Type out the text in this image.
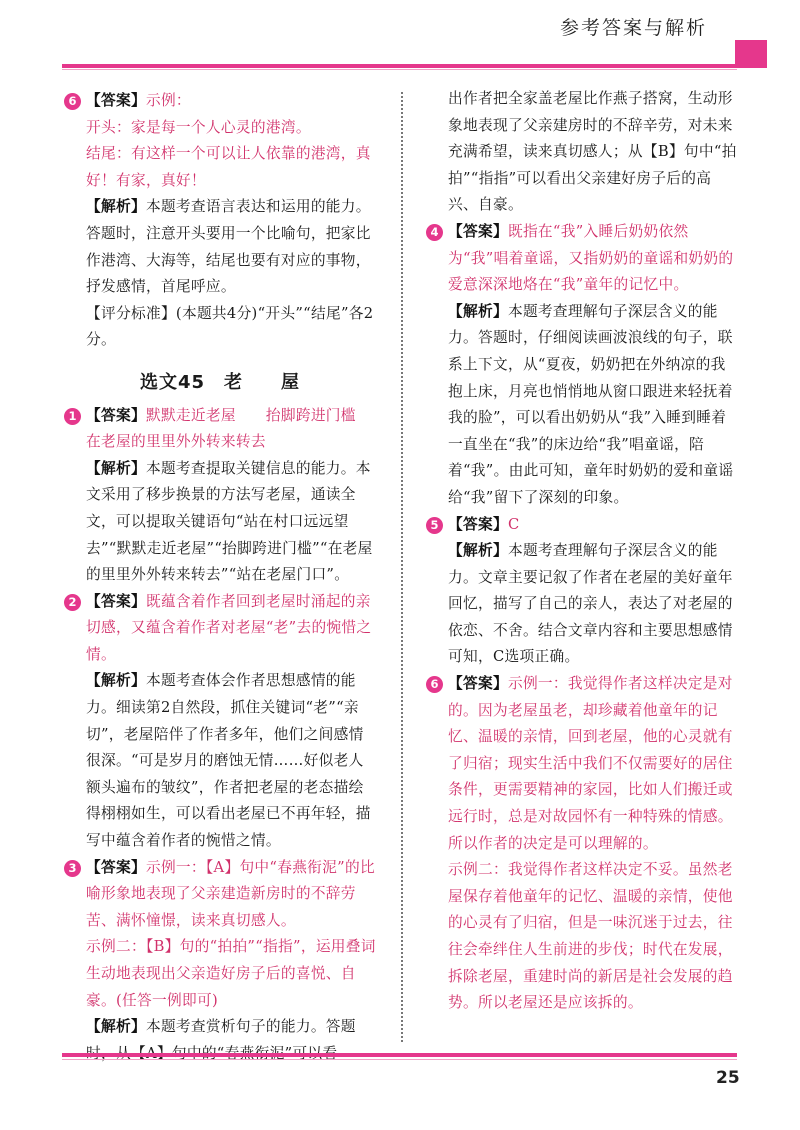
参考答案与解析
6 【答案】示例：

开头：家是每一个人心灵的港湾。

结尾：有这样一个可以让人依靠的港湾，真好！有家，真好！

【解析】本题考查语言表达和运用的能力。答题时，注意开头要用一个比喻句，把家比作港湾、大海等，结尾也要有对应的事物，抒发感情，首尾呼应。

【评分标准】(本题共4分)“开头”“结尾”各2分。

选文45　老　　屋
1 【答案】默默走近老屋　　抬脚跨进门槛　　在老屋的里里外外转来转去

【解析】本题考查提取关键信息的能力。本文采用了移步换景的方法写老屋，通读全文，可以提取关键语句“站在村口远远望去”“默默走近老屋”“抬脚跨进门槛”“在老屋的里里外外转来转去”“站在老屋门口”。

2 【答案】既蕴含着作者回到老屋时涌起的亲切感，又蕴含着作者对老屋“老”去的惋惜之情。

【解析】本题考查体会作者思想感情的能力。细读第2自然段，抓住关键词“老”“亲切”，老屋陪伴了作者多年，他们之间感情很深。“可是岁月的磨蚀无情……好似老人额头遍布的皱纹”，作者把老屋的老态描绘得栩栩如生，可以看出老屋已不再年轻，描写中蕴含着作者的惋惜之情。

3 【答案】示例一：【A】句中“春燕衔泥”的比喻形象地表现了父亲建造新房时的不辞劳苦、满怀憧憬，读来真切感人。

示例二：【B】句的“拍拍”“指指”，运用叠词生动地表现出父亲造好房子后的喜悦、自豪。(任答一例即可)

【解析】本题考查赏析句子的能力。答题

出作者把全家盖老屋比作燕子搭窝，生动形象地表现了父亲建房时的不辞辛劳，对未来充满希望，读来真切感人；从【B】句中“拍拍”“指指”可以看出父亲建好房子后的高兴、自豪。

4 【答案】既指在“我”入睡后奶奶依然为“我”唱着童谣，又指奶奶的童谣和奶奶的爱意深深地烙在“我”童年的记忆中。

【解析】本题考查理解句子深层含义的能力。答题时，仔细阅读画波浪线的句子，联系上下文，从“夏夜，奶奶把在外纳凉的我抱上床，月亮也悄悄地从窗口跟进来轻抚着我的脸”，可以看出奶奶从“我”入睡到睡着一直坐在“我”的床边给“我”唱童谣，陪着“我”。由此可知，童年时奶奶的爱和童谣给“我”留下了深刻的印象。

5 【答案】C

【解析】本题考查理解句子深层含义的能力。文章主要记叙了作者在老屋的美好童年回忆，描写了自己的亲人，表达了对老屋的依恋、不舍。结合文章内容和主要思想感情可知，C选项正确。

6 【答案】示例一：我觉得作者这样决定是对的。因为老屋虽老，却珍藏着他童年的记忆、温暖的亲情，回到老屋，他的心灵就有了归宿；现实生活中我们不仅需要好的居住条件，更需要精神的家园，比如人们搬迁或远行时，总是对故园怀有一种特殊的情感。所以作者的决定是可以理解的。

示例二：我觉得作者这样决定不妥。虽然老屋保存着他童年的记忆、温暖的亲情，使他的心灵有了归宿，但是一味沉迷于过去，往往会牵绊住人生前进的步伐；时代在发展，拆除老屋，重建时尚的新居是社会发展的趋势。所以老屋还是应该拆的。

25
